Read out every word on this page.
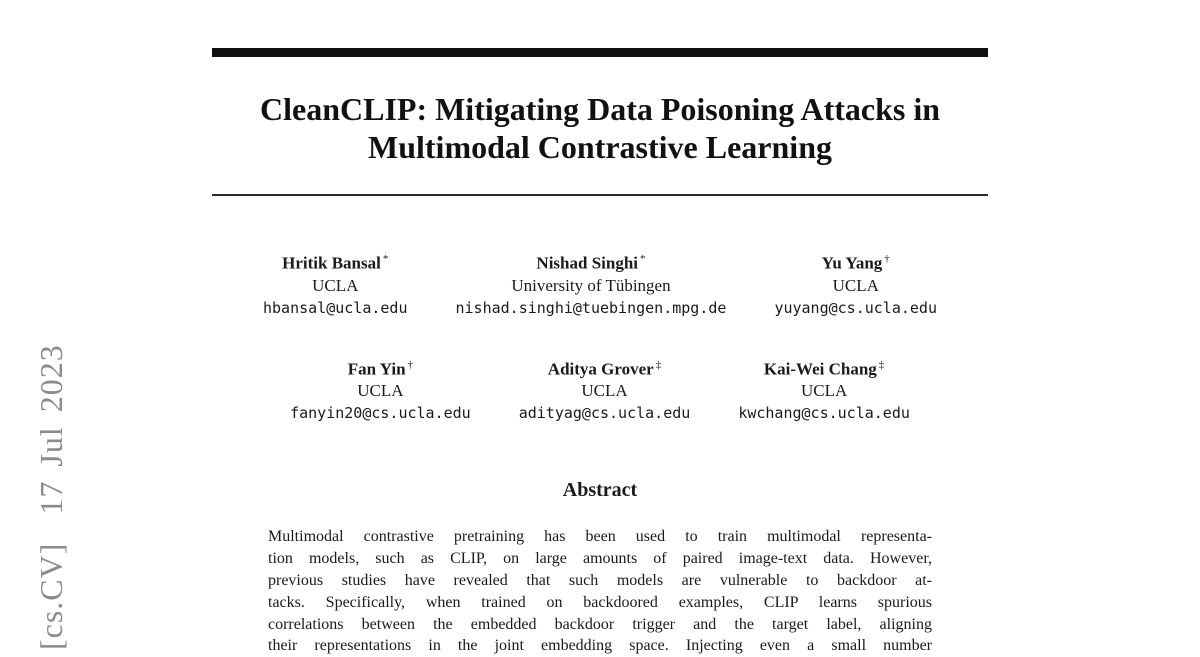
[cs.CV]  17 Jul 2023
CleanCLIP: Mitigating Data Poisoning Attacks in
Multimodal Contrastive Learning
Hritik Bansal *
UCLA
hbansal@ucla.edu
Nishad Singhi *
University of Tübingen
nishad.singhi@tuebingen.mpg.de
Yu Yang †
UCLA
yuyang@cs.ucla.edu
Fan Yin †
UCLA
fanyin20@cs.ucla.edu
Aditya Grover ‡
UCLA
adityag@cs.ucla.edu
Kai-Wei Chang ‡
UCLA
kwchang@cs.ucla.edu
Abstract
Multimodal contrastive pretraining has been used to train multimodal representa-
tion models, such as CLIP, on large amounts of paired image-text data. However,
previous studies have revealed that such models are vulnerable to backdoor at-
tacks. Specifically, when trained on backdoored examples, CLIP learns spurious
correlations between the embedded backdoor trigger and the target label, aligning
their representations in the joint embedding space. Injecting even a small number
